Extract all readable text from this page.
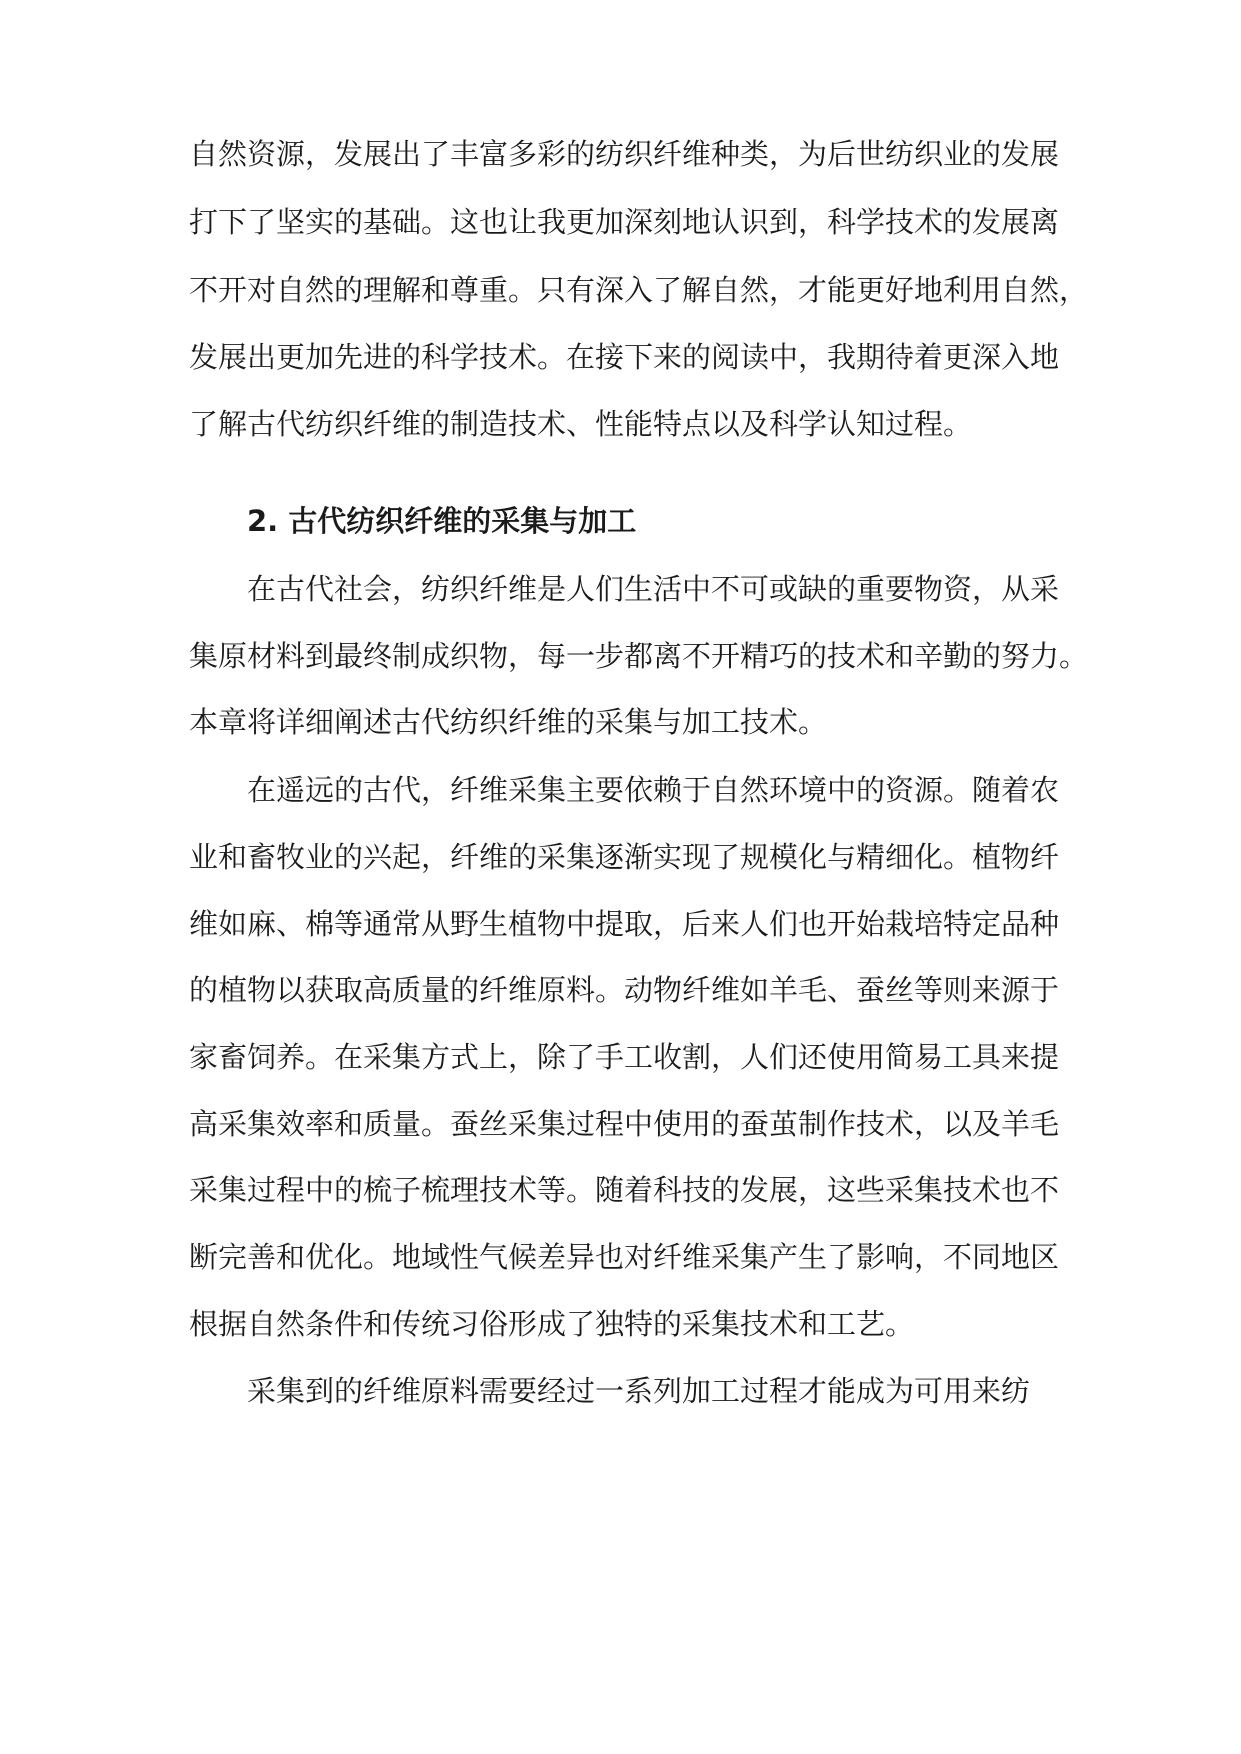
自然资源，发展出了丰富多彩的纺织纤维种类，为后世纺织业的发展
打下了坚实的基础。这也让我更加深刻地认识到，科学技术的发展离
不开对自然的理解和尊重。只有深入了解自然，才能更好地利用自然，
发展出更加先进的科学技术。在接下来的阅读中，我期待着更深入地
了解古代纺织纤维的制造技术、性能特点以及科学认知过程。
2. 古代纺织纤维的采集与加工
在古代社会，纺织纤维是人们生活中不可或缺的重要物资，从采
集原材料到最终制成织物，每一步都离不开精巧的技术和辛勤的努力。
本章将详细阐述古代纺织纤维的采集与加工技术。
在遥远的古代，纤维采集主要依赖于自然环境中的资源。随着农
业和畜牧业的兴起，纤维的采集逐渐实现了规模化与精细化。植物纤
维如麻、棉等通常从野生植物中提取，后来人们也开始栽培特定品种
的植物以获取高质量的纤维原料。动物纤维如羊毛、蚕丝等则来源于
家畜饲养。在采集方式上，除了手工收割，人们还使用简易工具来提
高采集效率和质量。蚕丝采集过程中使用的蚕茧制作技术，以及羊毛
采集过程中的梳子梳理技术等。随着科技的发展，这些采集技术也不
断完善和优化。地域性气候差异也对纤维采集产生了影响，不同地区
根据自然条件和传统习俗形成了独特的采集技术和工艺。
采集到的纤维原料需要经过一系列加工过程才能成为可用来纺
